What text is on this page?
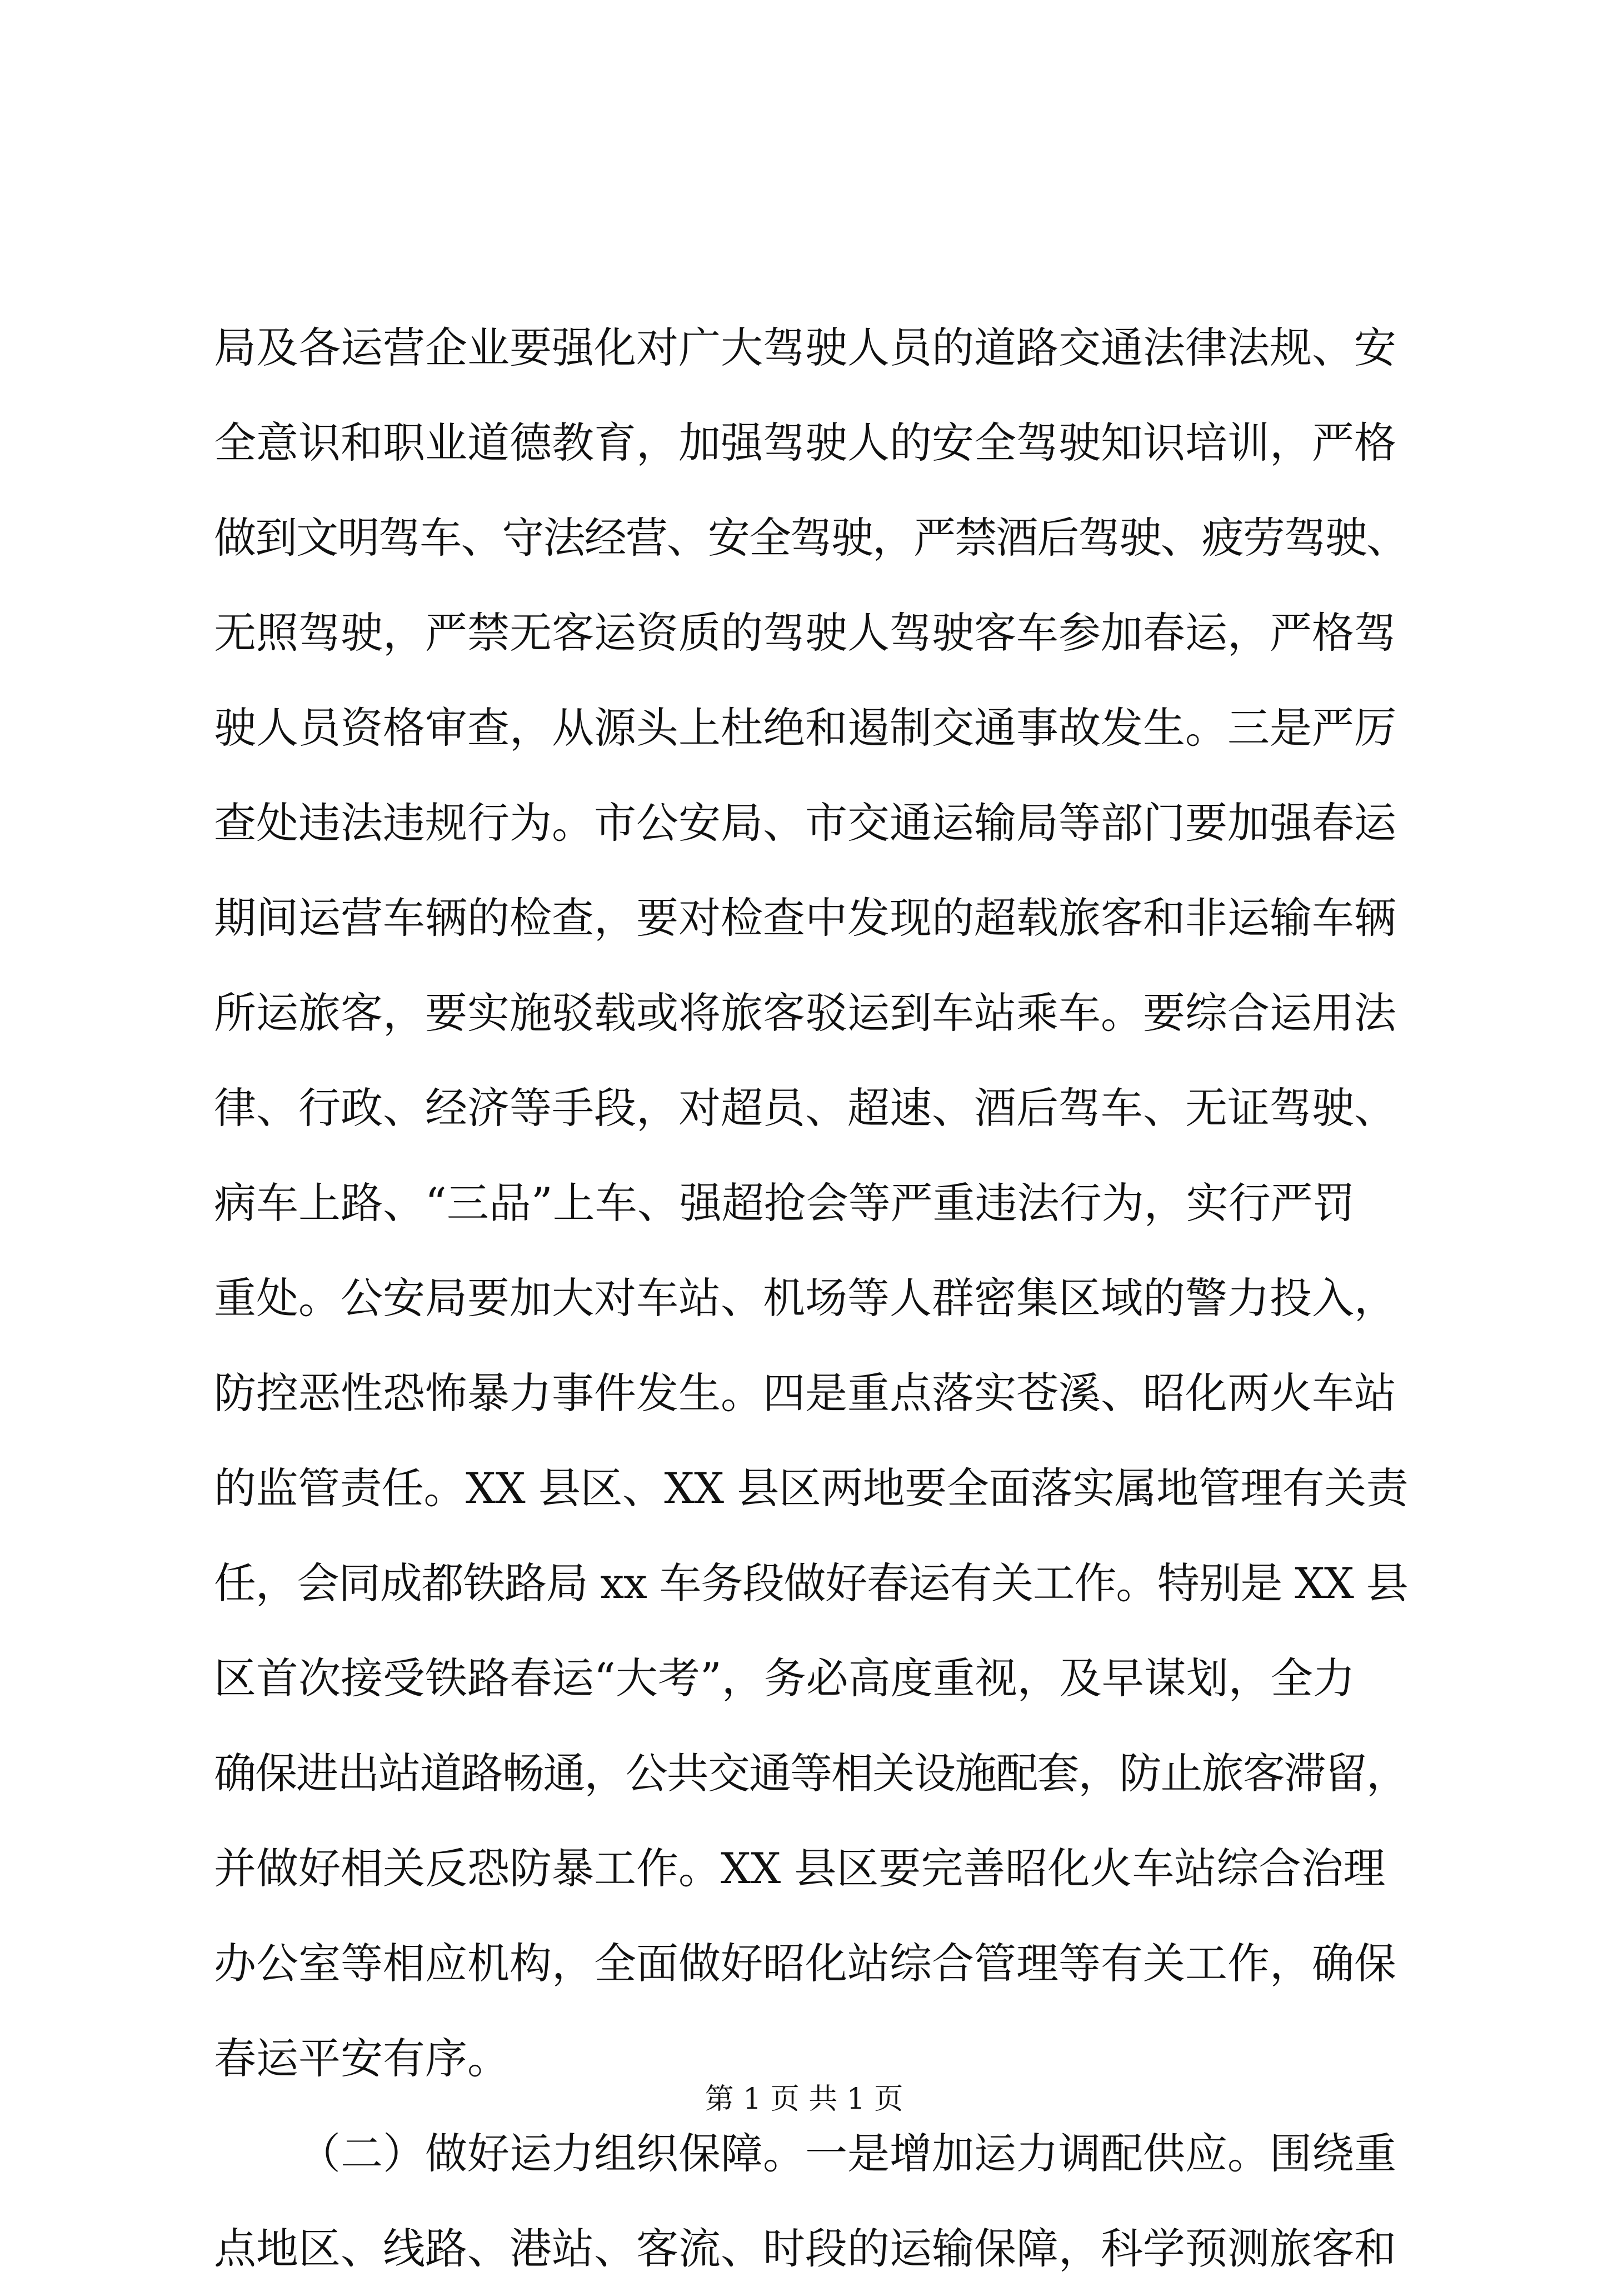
局及各运营企业要强化对广大驾驶人员的道路交通法律法规、安
全意识和职业道德教育，加强驾驶人的安全驾驶知识培训，严格
做到文明驾车、守法经营、安全驾驶，严禁酒后驾驶、疲劳驾驶、
无照驾驶，严禁无客运资质的驾驶人驾驶客车参加春运，严格驾
驶人员资格审查，从源头上杜绝和遏制交通事故发生。三是严厉
查处违法违规行为。市公安局、市交通运输局等部门要加强春运
期间运营车辆的检查，要对检查中发现的超载旅客和非运输车辆
所运旅客，要实施驳载或将旅客驳运到车站乘车。要综合运用法
律、行政、经济等手段，对超员、超速、酒后驾车、无证驾驶、
病车上路、“三品”上车、强超抢会等严重违法行为，实行严罚
重处。公安局要加大对车站、机场等人群密集区域的警力投入，
防控恶性恐怖暴力事件发生。四是重点落实苍溪、昭化两火车站
的监管责任。XX 县区、XX 县区两地要全面落实属地管理有关责
任，会同成都铁路局 xx 车务段做好春运有关工作。特别是 XX 县
区首次接受铁路春运“大考”，务必高度重视，及早谋划，全力
确保进出站道路畅通，公共交通等相关设施配套，防止旅客滞留，
并做好相关反恐防暴工作。XX 县区要完善昭化火车站综合治理
办公室等相应机构，全面做好昭化站综合管理等有关工作，确保
春运平安有序。
（二）做好运力组织保障。一是增加运力调配供应。围绕重
点地区、线路、港站、客流、时段的运输保障，科学预测旅客和
第 1 页 共 1 页
